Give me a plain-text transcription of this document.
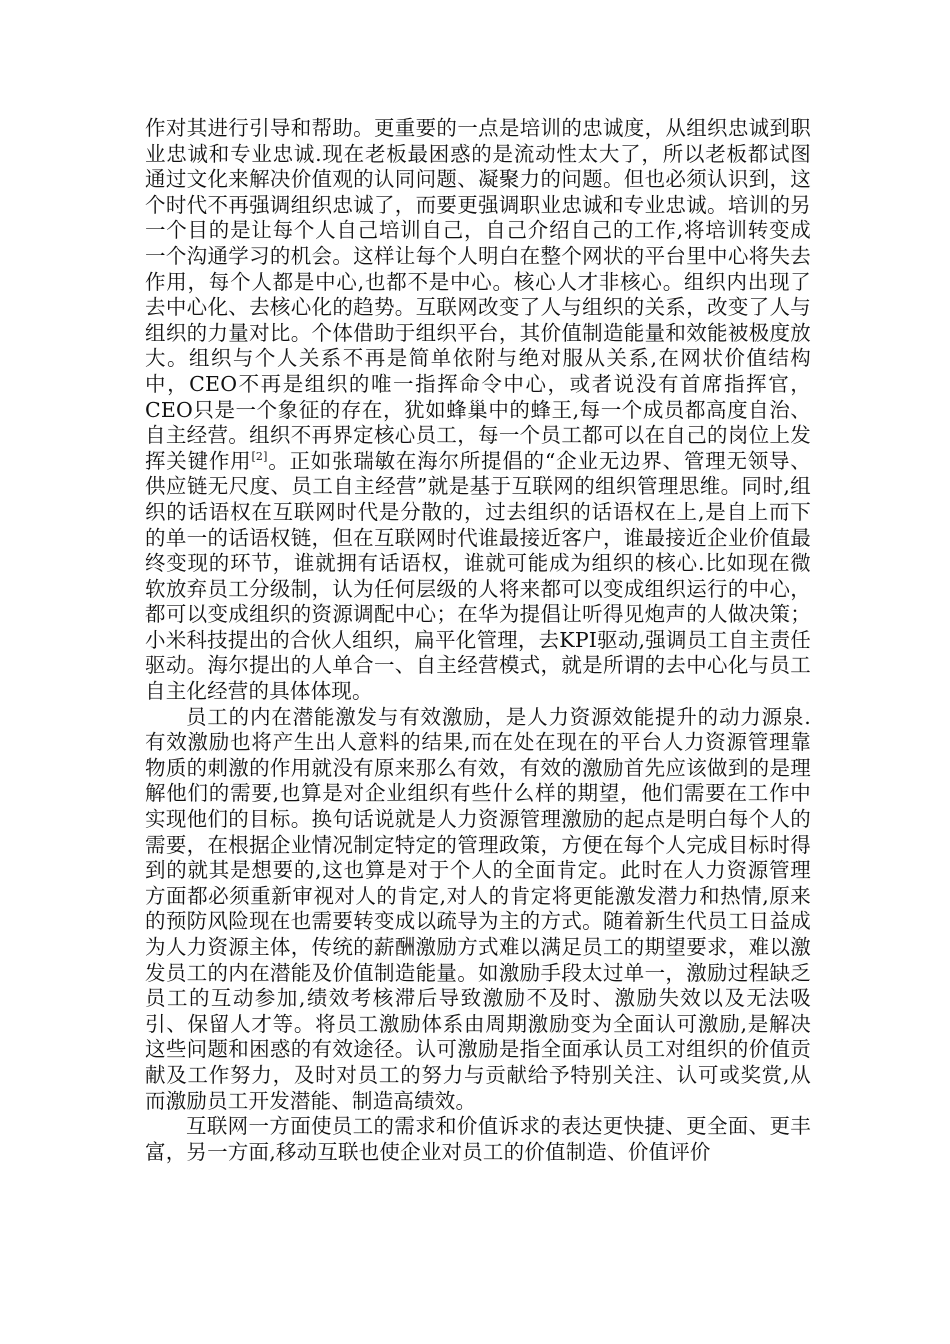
作对其进行引导和帮助。更重要的一点是培训的忠诚度，从组织忠诚到职业忠诚和专业忠诚.现在老板最困惑的是流动性太大了，所以老板都试图通过文化来解决价值观的认同问题、凝聚力的问题。但也必须认识到，这个时代不再强调组织忠诚了，而要更强调职业忠诚和专业忠诚。培训的另一个目的是让每个人自己培训自己，自己介绍自己的工作,将培训转变成一个沟通学习的机会。这样让每个人明白在整个网状的平台里中心将失去作用，每个人都是中心,也都不是中心。核心人才非核心。组织内出现了去中心化、去核心化的趋势。互联网改变了人与组织的关系，改变了人与组织的力量对比。个体借助于组织平台，其价值制造能量和效能被极度放大。组织与个人关系不再是简单依附与绝对服从关系,在网状价值结构中，CEO不再是组织的唯一指挥命令中心，或者说没有首席指挥官，CEO只是一个象征的存在，犹如蜂巢中的蜂王,每一个成员都高度自治、自主经营。组织不再界定核心员工，每一个员工都可以在自己的岗位上发挥关键作用[2]。正如张瑞敏在海尔所提倡的“企业无边界、管理无领导、供应链无尺度、员工自主经营”就是基于互联网的组织管理思维。同时,组织的话语权在互联网时代是分散的，过去组织的话语权在上,是自上而下的单一的话语权链，但在互联网时代谁最接近客户，谁最接近企业价值最终变现的环节，谁就拥有话语权，谁就可能成为组织的核心.比如现在微软放弃员工分级制，认为任何层级的人将来都可以变成组织运行的中心，都可以变成组织的资源调配中心；在华为提倡让听得见炮声的人做决策；小米科技提出的合伙人组织，扁平化管理，去KPI驱动,强调员工自主责任驱动。海尔提出的人单合一、自主经营模式，就是所谓的去中心化与员工自主化经营的具体体现。

员工的内在潜能激发与有效激励，是人力资源效能提升的动力源泉.有效激励也将产生出人意料的结果,而在处在现在的平台人力资源管理靠物质的刺激的作用就没有原来那么有效，有效的激励首先应该做到的是理解他们的需要,也算是对企业组织有些什么样的期望，他们需要在工作中实现他们的目标。换句话说就是人力资源管理激励的起点是明白每个人的需要，在根据企业情况制定特定的管理政策，方便在每个人完成目标时得到的就其是想要的,这也算是对于个人的全面肯定。此时在人力资源管理方面都必须重新审视对人的肯定,对人的肯定将更能激发潜力和热情,原来的预防风险现在也需要转变成以疏导为主的方式。随着新生代员工日益成为人力资源主体，传统的薪酬激励方式难以满足员工的期望要求，难以激发员工的内在潜能及价值制造能量。如激励手段太过单一，激励过程缺乏员工的互动参加,绩效考核滞后导致激励不及时、激励失效以及无法吸引、保留人才等。将员工激励体系由周期激励变为全面认可激励,是解决这些问题和困惑的有效途径。认可激励是指全面承认员工对组织的价值贡献及工作努力，及时对员工的努力与贡献给予特别关注、认可或奖赏,从而激励员工开发潜能、制造高绩效。

互联网一方面使员工的需求和价值诉求的表达更快捷、更全面、更丰富，另一方面,移动互联也使企业对员工的价值制造、价值评价
